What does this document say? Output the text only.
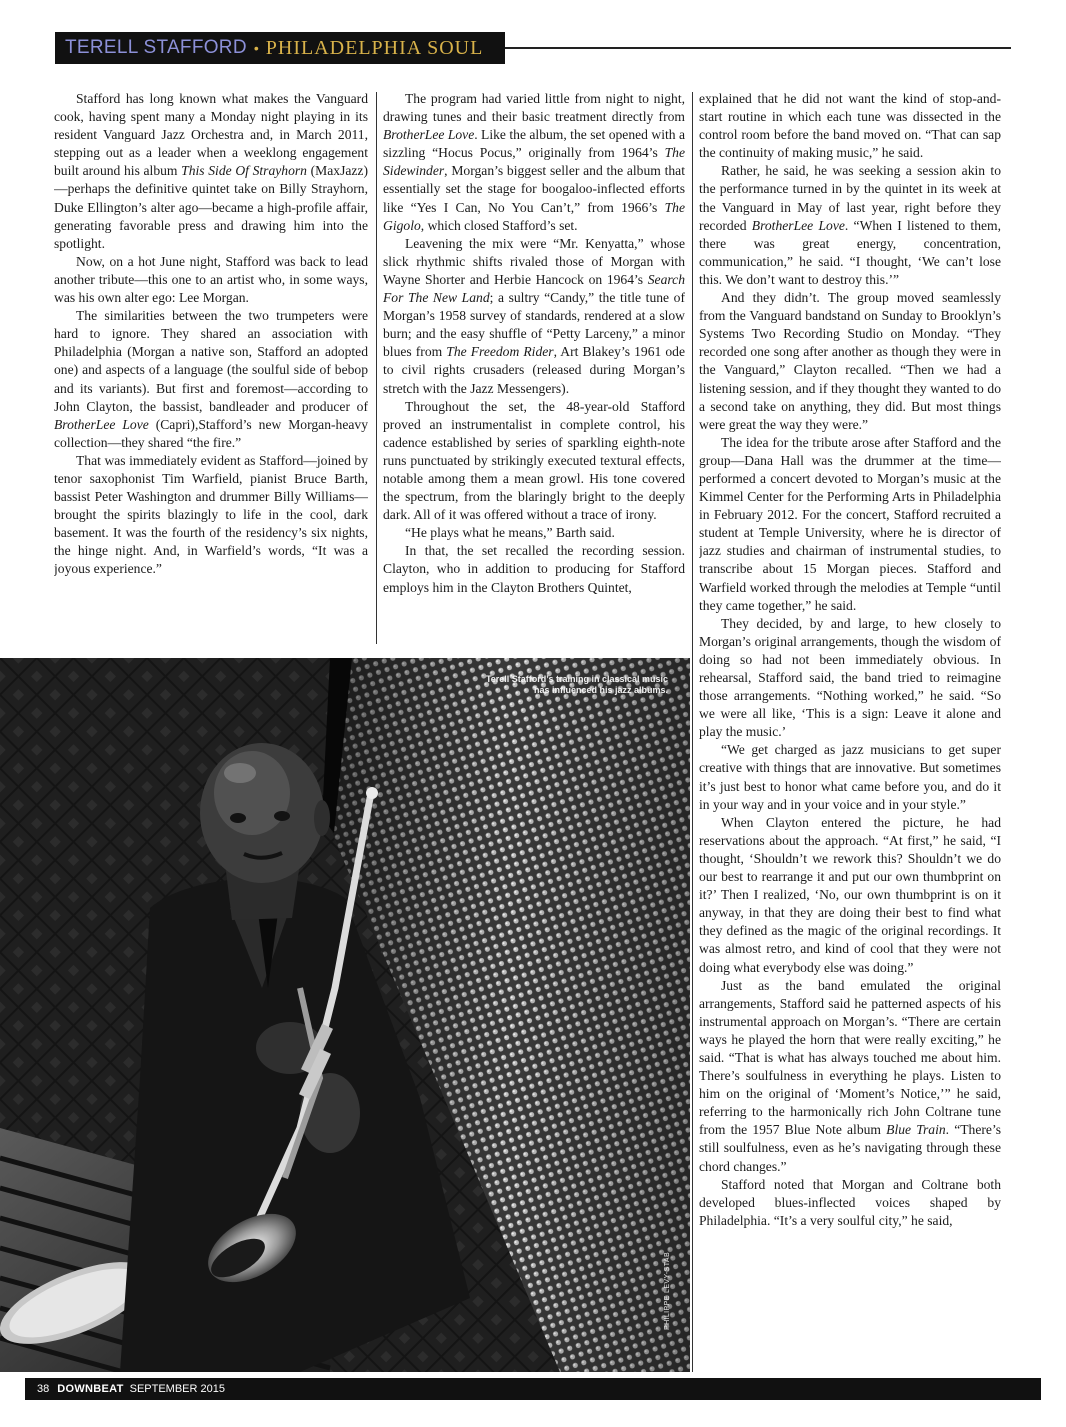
TERELL STAFFORD • PHILADELPHIA SOUL

Stafford has long known what makes the Vanguard cook, having spent many a Monday night playing in its resident Vanguard Jazz Orchestra and, in March 2011, stepping out as a leader when a weeklong engagement built around his album This Side Of Strayhorn (MaxJazz)—perhaps the definitive quintet take on Billy Strayhorn, Duke Ellington’s alter ago—became a high-profile affair, generating favorable press and drawing him into the spotlight.

Now, on a hot June night, Stafford was back to lead another tribute—this one to an artist who, in some ways, was his own alter ego: Lee Morgan.

The similarities between the two trumpeters were hard to ignore. They shared an association with Philadelphia (Morgan a native son, Stafford an adopted one) and aspects of a language (the soulful side of bebop and its variants). But first and foremost—according to John Clayton, the bassist, bandleader and producer of BrotherLee Love (Capri),Stafford’s new Morgan-heavy collection—they shared “the fire.”

That was immediately evident as Stafford—joined by tenor saxophonist Tim Warfield, pianist Bruce Barth, bassist Peter Washington and drummer Billy Williams—brought the spirits blazingly to life in the cool, dark basement. It was the fourth of the residency’s six nights, the hinge night. And, in Warfield’s words, “It was a joyous experience.”

The program had varied little from night to night, drawing tunes and their basic treatment directly from BrotherLee Love. Like the album, the set opened with a sizzling “Hocus Pocus,” originally from 1964’s The Sidewinder, Morgan’s biggest seller and the album that essentially set the stage for boogaloo-inflected efforts like “Yes I Can, No You Can’t,” from 1966’s The Gigolo, which closed Stafford’s set.

Leavening the mix were “Mr. Kenyatta,” whose slick rhythmic shifts rivaled those of Morgan with Wayne Shorter and Herbie Hancock on 1964’s Search For The New Land; a sultry “Candy,” the title tune of Morgan’s 1958 survey of standards, rendered at a slow burn; and the easy shuffle of “Petty Larceny,” a minor blues from The Freedom Rider, Art Blakey’s 1961 ode to civil rights crusaders (released during Morgan’s stretch with the Jazz Messengers).

Throughout the set, the 48-year-old Stafford proved an instrumentalist in complete control, his cadence established by series of sparkling eighth-note runs punctuated by strikingly executed textural effects, notable among them a mean growl. His tone covered the spectrum, from the blaringly bright to the deeply dark. All of it was offered without a trace of irony.

“He plays what he means,” Barth said.

In that, the set recalled the recording session. Clayton, who in addition to producing for Stafford employs him in the Clayton Brothers Quintet,

explained that he did not want the kind of stop-and-start routine in which each tune was dissected in the control room before the band moved on. “That can sap the continuity of making music,” he said.

Rather, he said, he was seeking a session akin to the performance turned in by the quintet in its week at the Vanguard in May of last year, right before they recorded BrotherLee Love. “When I listened to them, there was great energy, concentration, communication,” he said. “I thought, ‘We can’t lose this. We don’t want to destroy this.’”

And they didn’t. The group moved seamlessly from the Vanguard bandstand on Sunday to Brooklyn’s Systems Two Recording Studio on Monday. “They recorded one song after another as though they were in the Vanguard,” Clayton recalled. “Then we had a listening session, and if they thought they wanted to do a second take on anything, they did. But most things were great the way they were.”

The idea for the tribute arose after Stafford and the group—Dana Hall was the drummer at the time—performed a concert devoted to Morgan’s music at the Kimmel Center for the Performing Arts in Philadelphia in February 2012. For the concert, Stafford recruited a student at Temple University, where he is director of jazz studies and chairman of instrumental studies, to transcribe about 15 Morgan pieces. Stafford and Warfield worked through the melodies at Temple “until they came together,” he said.

They decided, by and large, to hew closely to Morgan’s original arrangements, though the wisdom of doing so had not been immediately obvious. In rehearsal, Stafford said, the band tried to reimagine those arrangements. “Nothing worked,” he said. “So we were all like, ‘This is a sign: Leave it alone and play the music.’

“We get charged as jazz musicians to get super creative with things that are innovative. But sometimes it’s just best to honor what came before you, and do it in your way and in your voice and in your style.”

When Clayton entered the picture, he had reservations about the approach. “At first,” he said, “I thought, ‘Shouldn’t we rework this? Shouldn’t we do our best to rearrange it and put our own thumbprint on it?’ Then I realized, ‘No, our own thumbprint is on it anyway, in that they are doing their best to find what they defined as the magic of the original recordings. It was almost retro, and kind of cool that they were not doing what everybody else was doing.”

Just as the band emulated the original arrangements, Stafford said he patterned aspects of his instrumental approach on Morgan’s. “There are certain ways he played the horn that were really exciting,” he said. “That is what has always touched me about him. There’s soulfulness in everything he plays. Listen to him on the original of ‘Moment’s Notice,’” he said, referring to the harmonically rich John Coltrane tune from the 1957 Blue Note album Blue Train. “There’s still soulfulness, even as he’s navigating through these chord changes.”

Stafford noted that Morgan and Coltrane both developed blues-inflected voices shaped by Philadelphia. “It’s a very soulful city,” he said,

Terell Stafford’s training in classical music has influenced his jazz albums.
PHILIPPE LEVY-STAB
38 DOWNBEAT SEPTEMBER 2015
